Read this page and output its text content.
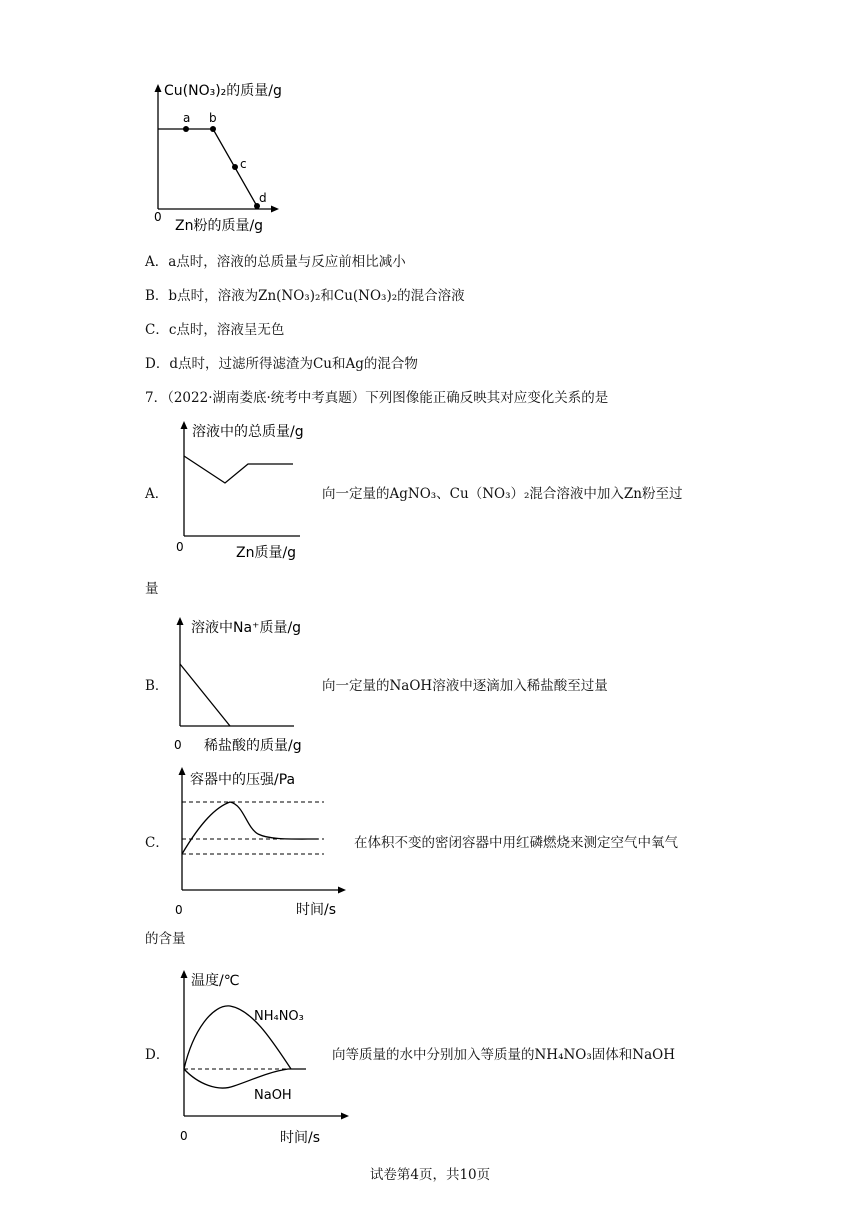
a b
c
d
Cu(NO₃)₂的质量/g
0
Zn粉的质量/g
A．a点时，溶液的总质量与反应前相比减小
B．b点时，溶液为Zn(NO₃)₂和Cu(NO₃)₂的混合溶液
C．c点时，溶液呈无色
D．d点时，过滤所得滤渣为Cu和Ag的混合物
7．（2022·湖南娄底·统考中考真题）下列图像能正确反映其对应变化关系的是
A．
溶液中的总质量/g
0	Zn质量/g
向一定量的AgNO₃、Cu（NO₃）₂混合溶液中加入Zn粉至过
量
B．
溶液中Na⁺质量/g
0 稀盐酸的质量/g
向一定量的NaOH溶液中逐滴加入稀盐酸至过量
C．
容器中的压强/Pa
0	时间/s
在体积不变的密闭容器中用红磷燃烧来测定空气中氧气
的含量
D．
温度/℃
NH₄NO₃
NaOH
0	时间/s
向等质量的水中分别加入等质量的NH₄NO₃固体和NaOH
试卷第4页，共10页
